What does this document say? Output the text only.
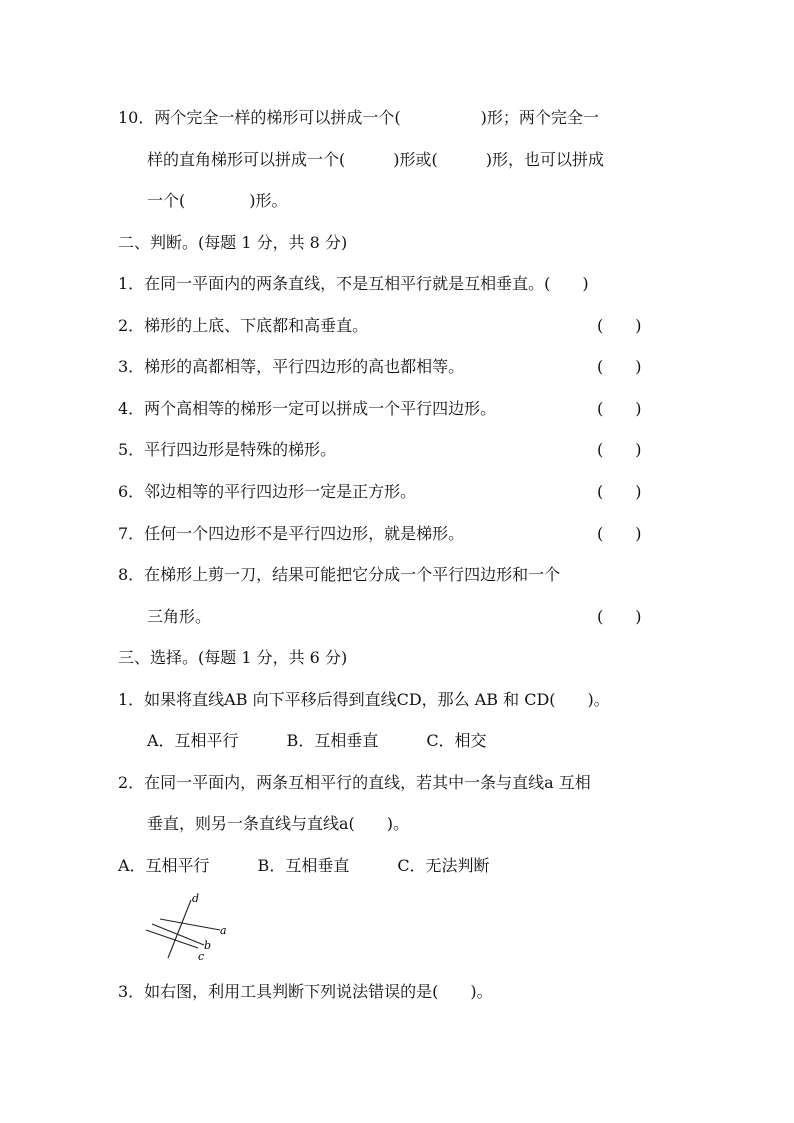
10．两个完全一样的梯形可以拼成一个(　　　　　)形；两个完全一
样的直角梯形可以拼成一个(　　　)形或(　　　)形，也可以拼成
一个(　　　　)形。
二、判断。(每题 1 分，共 8 分)
1．在同一平面内的两条直线，不是互相平行就是互相垂直。(　　)
2．梯形的上底、下底都和高垂直。	(　　)
3．梯形的高都相等，平行四边形的高也都相等。	(　　)
4．两个高相等的梯形一定可以拼成一个平行四边形。	(　　)
5．平行四边形是特殊的梯形。	(　　)
6．邻边相等的平行四边形一定是正方形。	(　　)
7．任何一个四边形不是平行四边形，就是梯形。	(　　)
8．在梯形上剪一刀，结果可能把它分成一个平行四边形和一个
三角形。	(　　)
三、选择。(每题 1 分，共 6 分)
1．如果将直线AB 向下平移后得到直线CD，那么 AB 和 CD(　　)。
A．互相平行　　　B．互相垂直　　　C．相交
2．在同一平面内，两条互相平行的直线，若其中一条与直线a 互相
垂直，则另一条直线与直线a(　　)。
A．互相平行　　　B．互相垂直　　　C．无法判断
d
a
b
c
3．如右图，利用工具判断下列说法错误的是(　　)。
